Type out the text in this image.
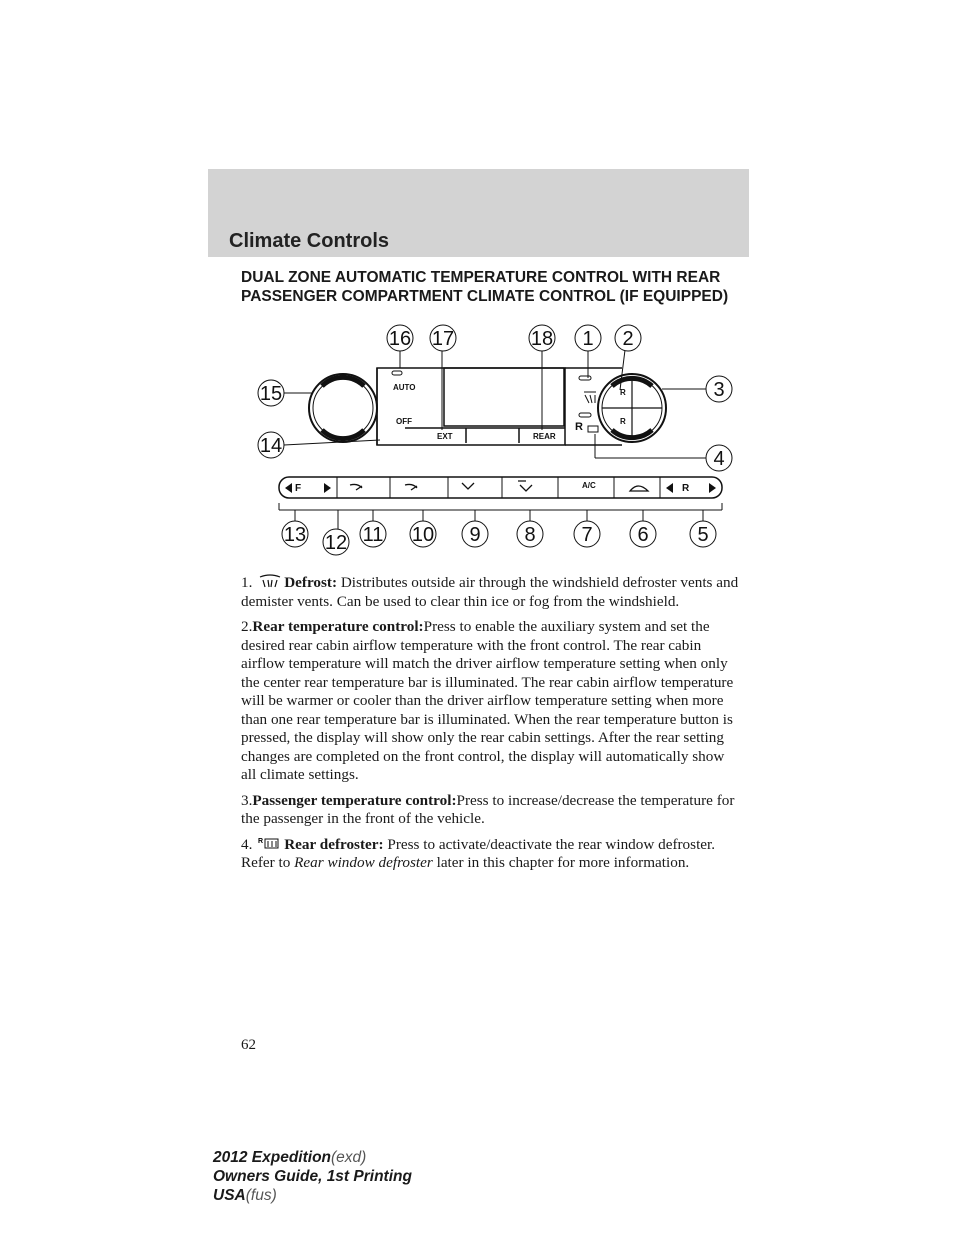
Climate Controls
DUAL ZONE AUTOMATIC TEMPERATURE CONTROL WITH REAR
PASSENGER COMPARTMENT CLIMATE CONTROL (IF EQUIPPED)
AUTO
OFF
EXT	REAR
R
R
R
A/C
F	R
1 2
3
4
5
6
7
8
9
10
11
12
13
14
15
16 17	18

1. Defrost: Distributes outside air through the windshield defroster vents and demister vents. Can be used to clear thin ice or fog from the windshield.

2.Rear temperature control:Press to enable the auxiliary system and set the desired rear cabin airflow temperature with the front control. The rear cabin airflow temperature will match the driver airflow temperature setting when only the center rear temperature bar is illuminated. The rear cabin airflow temperature will be warmer or cooler than the driver airflow temperature setting when more than one rear temperature bar is illuminated. When the rear temperature button is pressed, the display will show only the rear cabin settings. After the rear setting changes are completed on the front control, the display will automatically show all climate settings.

3.Passenger temperature control:Press to increase/decrease the temperature for the passenger in the front of the vehicle.

4. R Rear defroster: Press to activate/deactivate the rear window defroster. Refer to Rear window defroster later in this chapter for more information.

62
2012 Expedition(exd)
Owners Guide, 1st Printing
USA(fus)
